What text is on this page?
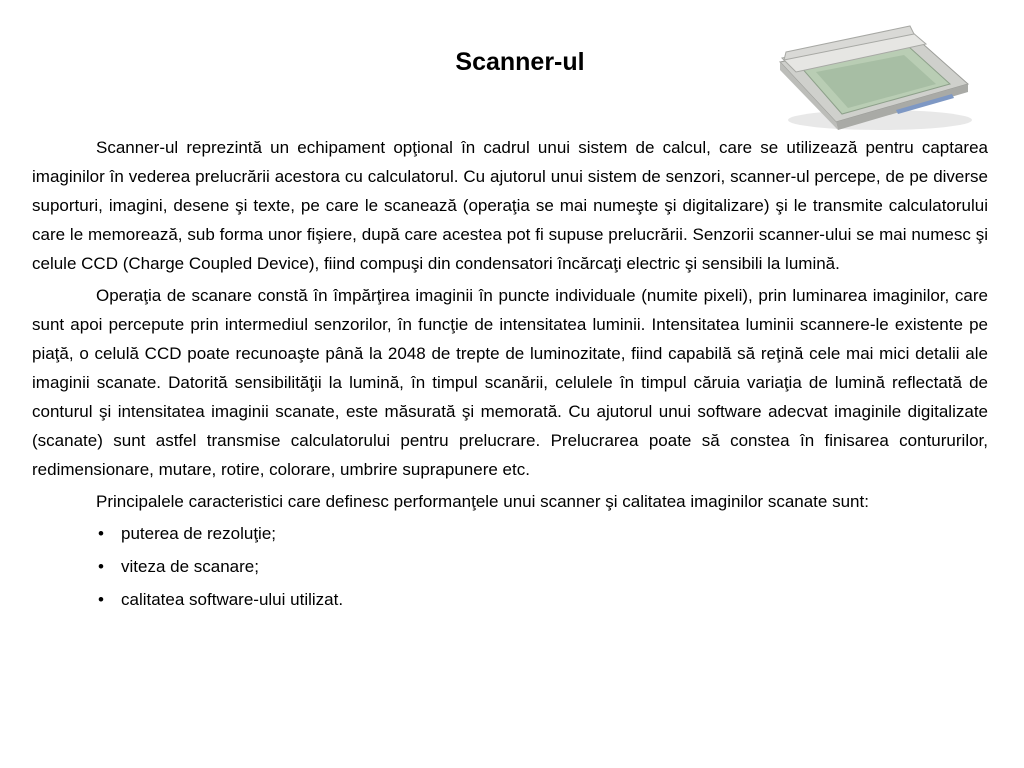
Scanner-ul

Scanner-ul reprezintă un echipament opţional în cadrul unui sistem de calcul, care se utilizează pentru captarea imaginilor în vederea prelucrării acestora cu calculatorul. Cu ajutorul unui sistem de senzori, scanner-ul percepe, de pe diverse suporturi, imagini, desene şi texte, pe care le scanează (operaţia se mai numeşte şi digitalizare) şi le transmite calculatorului care le memorează, sub forma unor fişiere, după care acestea pot fi supuse prelucrării. Senzorii scanner-ului se mai numesc şi celule CCD (Charge Coupled Device), fiind compuşi din condensatori încărcaţi electric şi sensibili la lumină.

Operaţia de scanare constă în împărţirea imaginii în puncte individuale (numite pixeli), prin luminarea imaginilor, care sunt apoi percepute prin intermediul senzorilor, în funcţie de intensitatea luminii. Intensitatea luminii scannere-le existente pe piaţă, o celulă CCD poate recunoaşte până la 2048 de trepte de luminozitate, fiind capabilă să reţină cele mai mici detalii ale imaginii scanate. Datorită sensibilităţii la lumină, în timpul scanării, celulele în timpul căruia variaţia de lumină reflectată de conturul şi intensitatea imaginii scanate, este măsurată şi memorată. Cu ajutorul unui software adecvat imaginile digitalizate (scanate) sunt astfel transmise calculatorului pentru prelucrare. Prelucrarea poate să constea în finisarea contururilor, redimensionare, mutare, rotire, colorare, umbrire suprapunere etc.

Principalele caracteristici care definesc performanţele unui scanner şi calitatea imaginilor scanate sunt:

• puterea de rezoluţie;
• viteza de scanare;
• calitatea software-ului utilizat.
